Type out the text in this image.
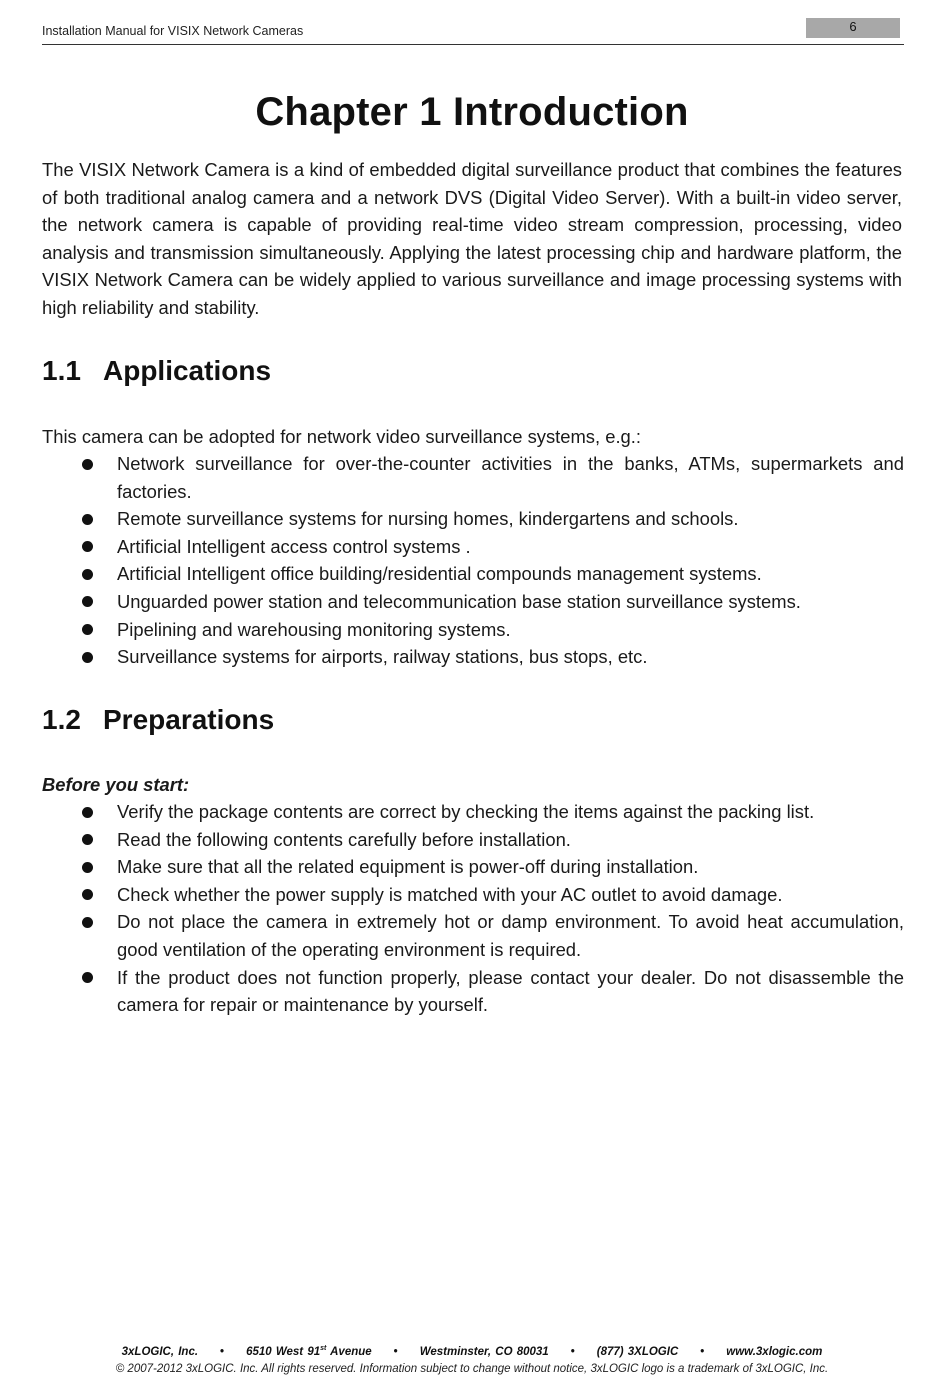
Installation Manual for VISIX Network Cameras	6
Chapter 1 Introduction

The VISIX Network Camera is a kind of embedded digital surveillance product that combines the features of both traditional analog camera and a network DVS (Digital Video Server). With a built-in video server, the network camera is capable of providing real-time video stream compression, processing, video analysis and transmission simultaneously. Applying the latest processing chip and hardware platform, the VISIX Network Camera can be widely applied to various surveillance and image processing systems with high reliability and stability.

1.1 Applications
This camera can be adopted for network video surveillance systems, e.g.:
Network surveillance for over-the-counter activities in the banks, ATMs, supermarkets and factories.
Remote surveillance systems for nursing homes, kindergartens and schools.
Artificial Intelligent access control systems .
Artificial Intelligent office building/residential compounds management systems.
Unguarded power station and telecommunication base station surveillance systems.
Pipelining and warehousing monitoring systems.
Surveillance systems for airports, railway stations, bus stops, etc.
1.2 Preparations
Before you start:
Verify the package contents are correct by checking the items against the packing list.
Read the following contents carefully before installation.
Make sure that all the related equipment is power-off during installation.
Check whether the power supply is matched with your AC outlet to avoid damage.
Do not place the camera in extremely hot or damp environment. To avoid heat accumulation, good ventilation of the operating environment is required.
If the product does not function properly, please contact your dealer. Do not disassemble the camera for repair or maintenance by yourself.
3xLOGIC, Inc. • 6510 West 91st Avenue • Westminster, CO 80031 • (877) 3XLOGIC • www.3xlogic.com
© 2007-2012 3xLOGIC. Inc. All rights reserved. Information subject to change without notice, 3xLOGIC logo is a trademark of 3xLOGIC, Inc.
